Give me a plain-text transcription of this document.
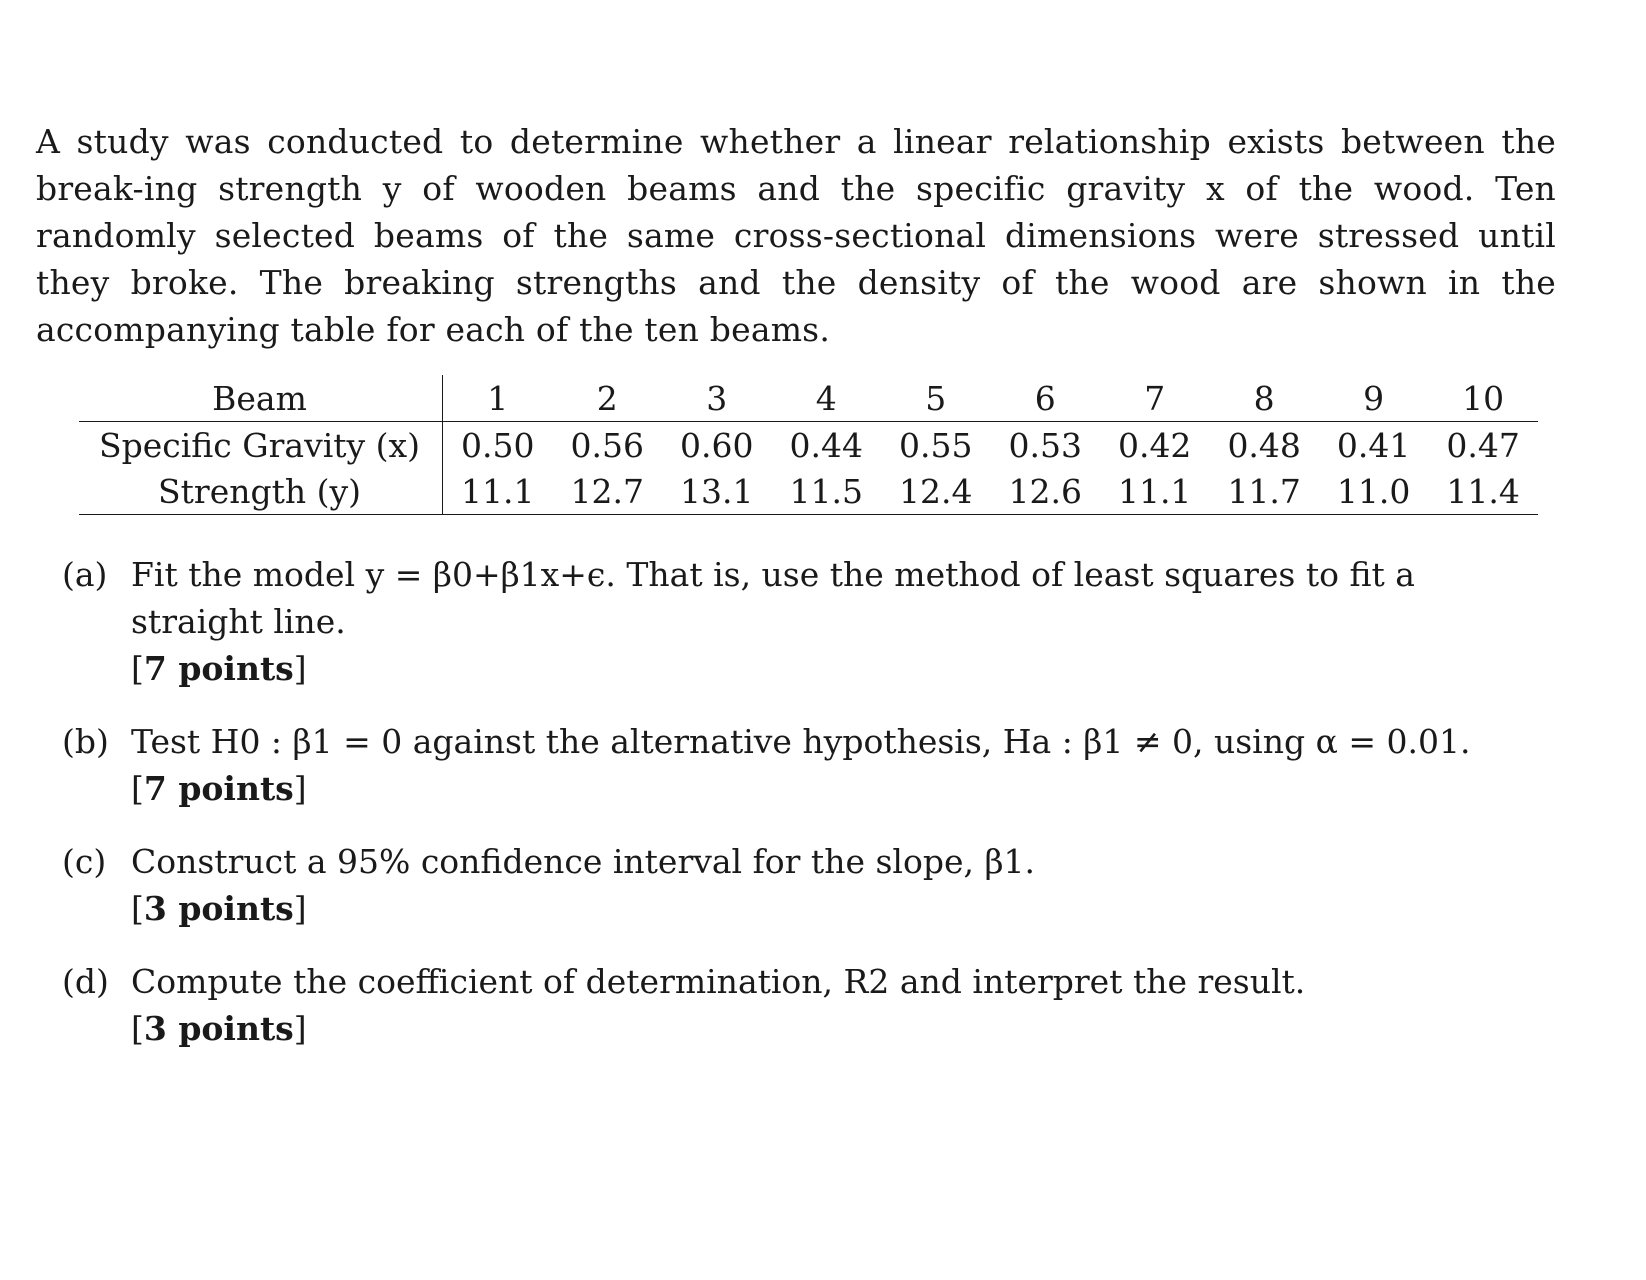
A study was conducted to determine whether a linear relationship exists between the break-ing strength y of wooden beams and the specific gravity x of the wood. Ten randomly selected beams of the same cross-sectional dimensions were stressed until they broke. The breaking strengths and the density of the wood are shown in the accompanying table for each of the ten beams.

Beam	1	2	3	4	5	6	7	8	9	10
Specific Gravity (x)	0.50	0.56	0.60	0.44	0.55	0.53	0.42	0.48	0.41	0.47
Strength (y)	11.1	12.7	13.1	11.5	12.4	12.6	11.1	11.7	11.0	11.4
(a) Fit the model y = β0+β1x+ϵ. That is, use the method of least squares to fit a straight line.
[7 points]
(b) Test H0 : β1 = 0 against the alternative hypothesis, Ha : β1 ≠ 0, using α = 0.01.
[7 points]
(c) Construct a 95% confidence interval for the slope, β1.
[3 points]
(d) Compute the coefficient of determination, R2 and interpret the result.
[3 points]
